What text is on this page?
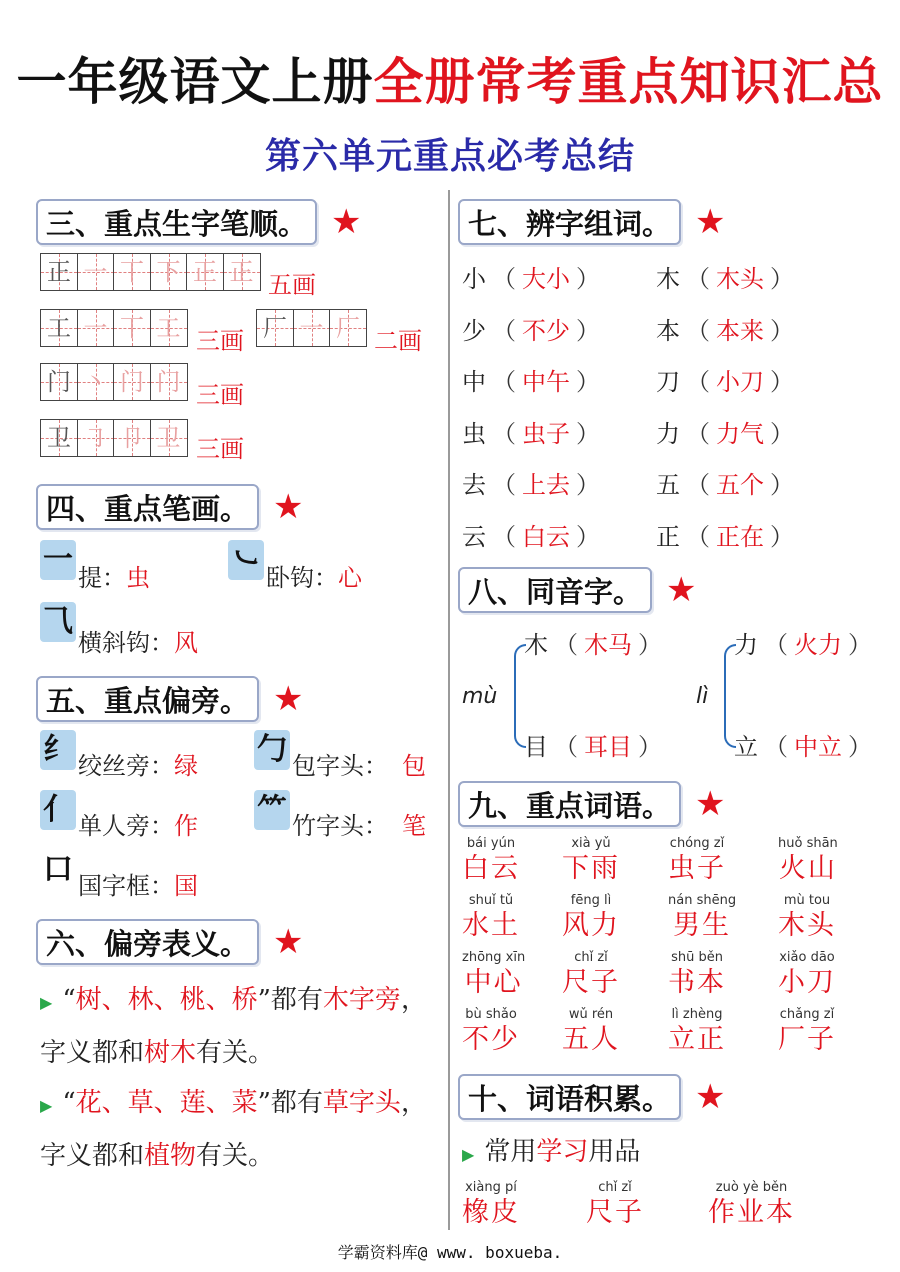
一年级语文上册全册常考重点知识汇总
第六单元重点必考总结
三、重点生字笔顺。 ★
正 一 丅 下 正 正 五画
工 一 丅 工 三画 厂 一 厂 二画
门 丶 门 门 三画
卫 ㇆ 卩 卫 三画
四、重点笔画。 ★
一
提：虫
㇃
卧钩：心
⺄
横斜钩：风
五、重点偏旁。 ★
纟 绞丝旁：绿 勹 包字头： 包
亻 单人旁：作 ⺮ 竹字头： 笔
口 国字框：国
六、偏旁表义。 ★
▶ “树、林、桃、桥”都有木字旁，字义都和树木有关。
▶ “花、草、莲、菜”都有草字头，字义都和植物有关。
七、辨字组词。 ★
小 （ 大小 ） 木 （ 木头 ）
少 （ 不少 ） 本 （ 本来 ）
中 （ 中午 ） 刀 （ 小刀 ）
虫 （ 虫子 ） 力 （ 力气 ）
去 （ 上去 ） 五 （ 五个 ）
云 （ 白云 ） 正 （ 正在 ）
八、同音字。 ★
mù
木 （ 木马 ）
目 （ 耳目 ）
lì
力 （ 火力 ）
立 （ 中立 ）
九、重点词语。 ★
bái yún
白云
xià yǔ
下雨
chóng zǐ
虫子
huǒ shān
火山
shuǐ tǔ
水土
fēng lì
风力
nán shēng
男生
mù tou
木头
zhōng xīn
中心
chǐ zǐ
尺子
shū běn
书本
xiǎo dāo
小刀
bù shǎo
不少
wǔ rén
五人
lì zhèng
立正
chǎng zǐ
厂子
十、词语积累。 ★
▶ 常用学习用品
xiàng pí
橡皮
chǐ zǐ
尺子
zuò yè běn
作业本
学霸资料库@ www. boxueba.
